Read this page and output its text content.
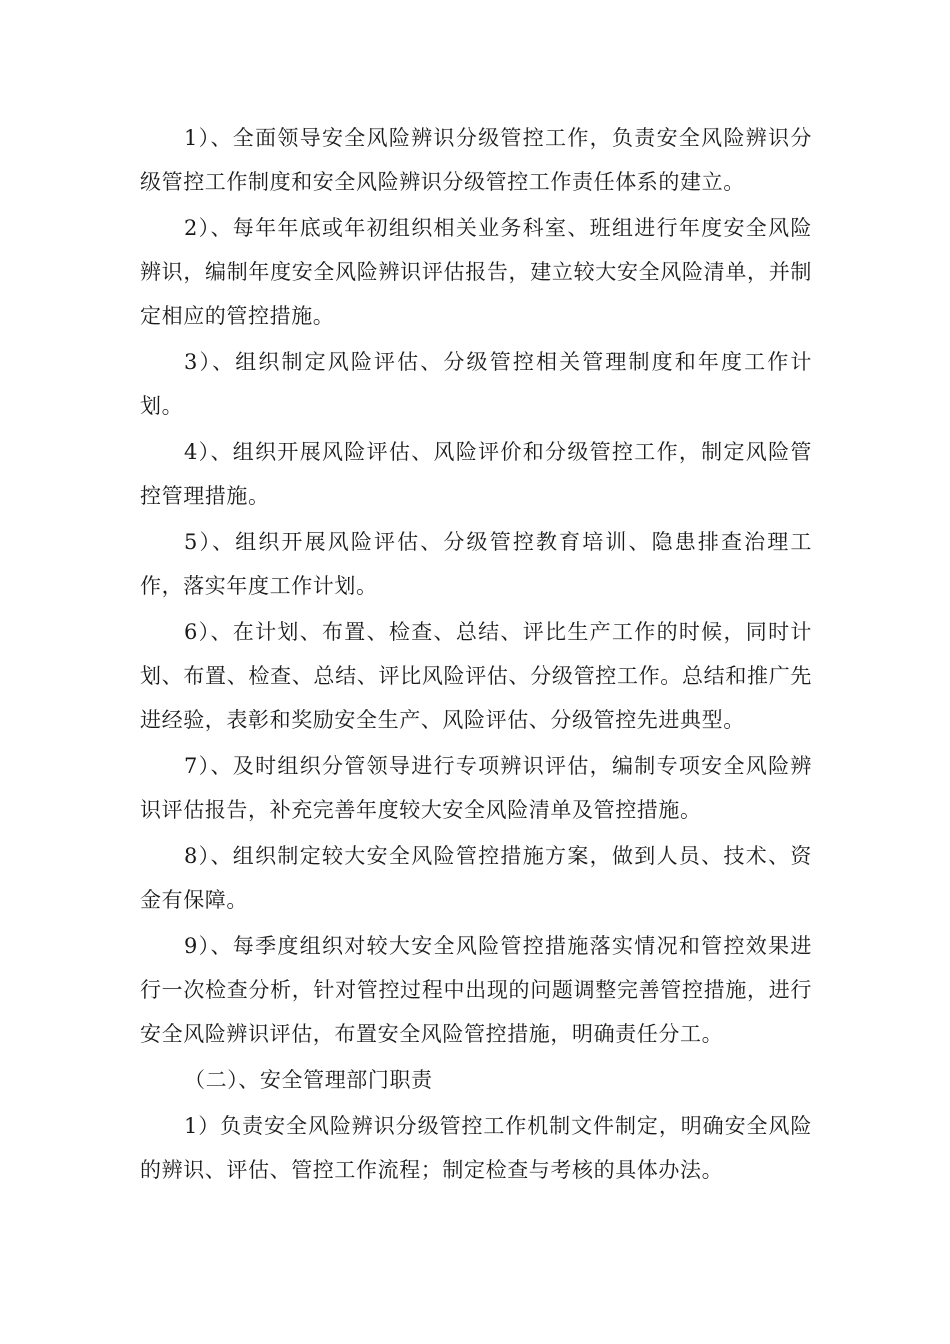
1）、全面领导安全风险辨识分级管控工作，负责安全风险辨识分级管控工作制度和安全风险辨识分级管控工作责任体系的建立。

2）、每年年底或年初组织相关业务科室、班组进行年度安全风险辨识，编制年度安全风险辨识评估报告，建立较大安全风险清单，并制定相应的管控措施。

3）、组织制定风险评估、分级管控相关管理制度和年度工作计划。

4）、组织开展风险评估、风险评价和分级管控工作，制定风险管控管理措施。

5）、组织开展风险评估、分级管控教育培训、隐患排查治理工作，落实年度工作计划。

6）、在计划、布置、检查、总结、评比生产工作的时候，同时计划、布置、检查、总结、评比风险评估、分级管控工作。总结和推广先进经验，表彰和奖励安全生产、风险评估、分级管控先进典型。

7）、及时组织分管领导进行专项辨识评估，编制专项安全风险辨识评估报告，补充完善年度较大安全风险清单及管控措施。

8）、组织制定较大安全风险管控措施方案，做到人员、技术、资金有保障。

9）、每季度组织对较大安全风险管控措施落实情况和管控效果进行一次检查分析，针对管控过程中出现的问题调整完善管控措施，进行安全风险辨识评估，布置安全风险管控措施，明确责任分工。

（二）、安全管理部门职责

1）负责安全风险辨识分级管控工作机制文件制定，明确安全风险的辨识、评估、管控工作流程；制定检查与考核的具体办法。
